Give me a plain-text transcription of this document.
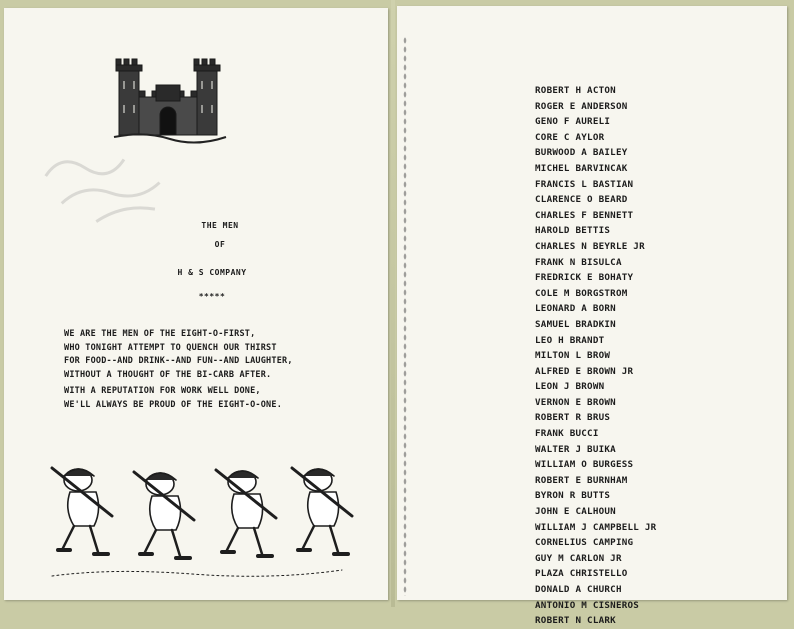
THE MEN
OF
H & S COMPANY
*****
WE ARE THE MEN OF THE EIGHT-O-FIRST,
WHO TONIGHT ATTEMPT TO QUENCH OUR THIRST
FOR FOOD--AND DRINK--AND FUN--AND LAUGHTER,
WITHOUT A THOUGHT OF THE BI-CARB AFTER.
WITH A REPUTATION FOR WORK WELL DONE,
WE'LL ALWAYS BE PROUD OF THE EIGHT-O-ONE.
ROBERT H ACTON
ROGER E ANDERSON
GENO F AURELI
CORE C AYLOR
BURWOOD A BAILEY
MICHEL BARVINCAK
FRANCIS L BASTIAN
CLARENCE O BEARD
CHARLES F BENNETT
HAROLD BETTIS
CHARLES N BEYRLE JR
FRANK N BISULCA
FREDRICK E BOHATY
COLE M BORGSTROM
LEONARD A BORN
SAMUEL BRADKIN
LEO H BRANDT
MILTON L BROW
ALFRED E BROWN JR
LEON J BROWN
VERNON E BROWN
ROBERT R BRUS
FRANK BUCCI
WALTER J BUIKA
WILLIAM O BURGESS
ROBERT E BURNHAM
BYRON R BUTTS
JOHN E CALHOUN
WILLIAM J CAMPBELL JR
CORNELIUS CAMPING
GUY M CARLON JR
PLAZA CHRISTELLO
DONALD A CHURCH
ANTONIO M CISNEROS
ROBERT N CLARK
